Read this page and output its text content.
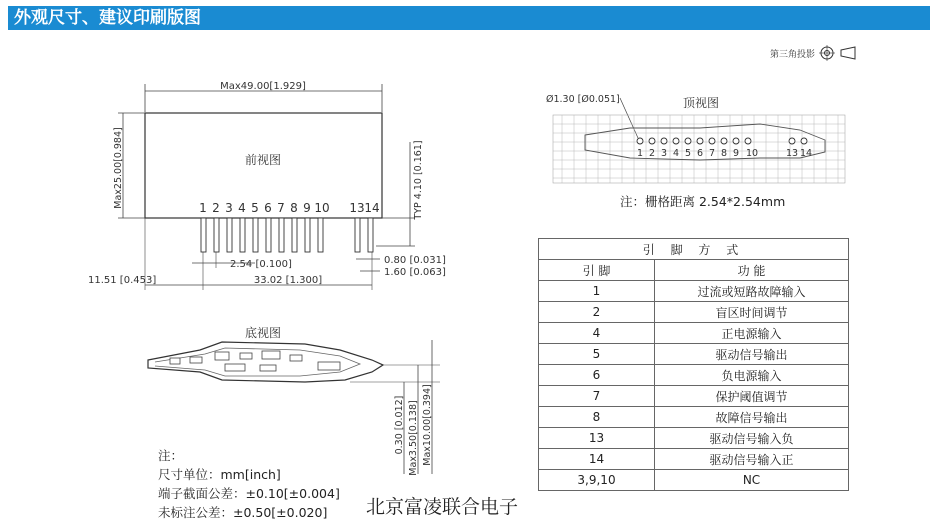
外观尺寸、建议印刷版图
第三角投影
Max49.00[1.929]
前视图
Max25.00[0.984]	TYP 4.10 [0.161]
1 2 3 4 5 6 7 8 9 10 13 14
2.54 [0.100]	0.80 [0.031]
1.60 [0.063]
11.51 [0.453]	33.02 [1.300]
顶视图
Ø1.30 [Ø0.051]
1 2 3 4 5 6 7 8 9 10	13 14
底视图
0.30 [0.012] Max3.50[0.138] Max10.00[0.394]
注：栅格距离 2.54*2.54mm
引 脚 方 式	
引 脚	功 能
1	过流或短路故障输入
2	盲区时间调节
4	正电源输入
5	驱动信号输出
6	负电源输入
7	保护阈值调节
8	故障信号输出
13	驱动信号输入负
14	驱动信号输入正
3,9,10	NC
注：
尺寸单位：mm[inch]
端子截面公差：±0.10[±0.004]
未标注公差：±0.50[±0.020]	北京富凌联合电子
